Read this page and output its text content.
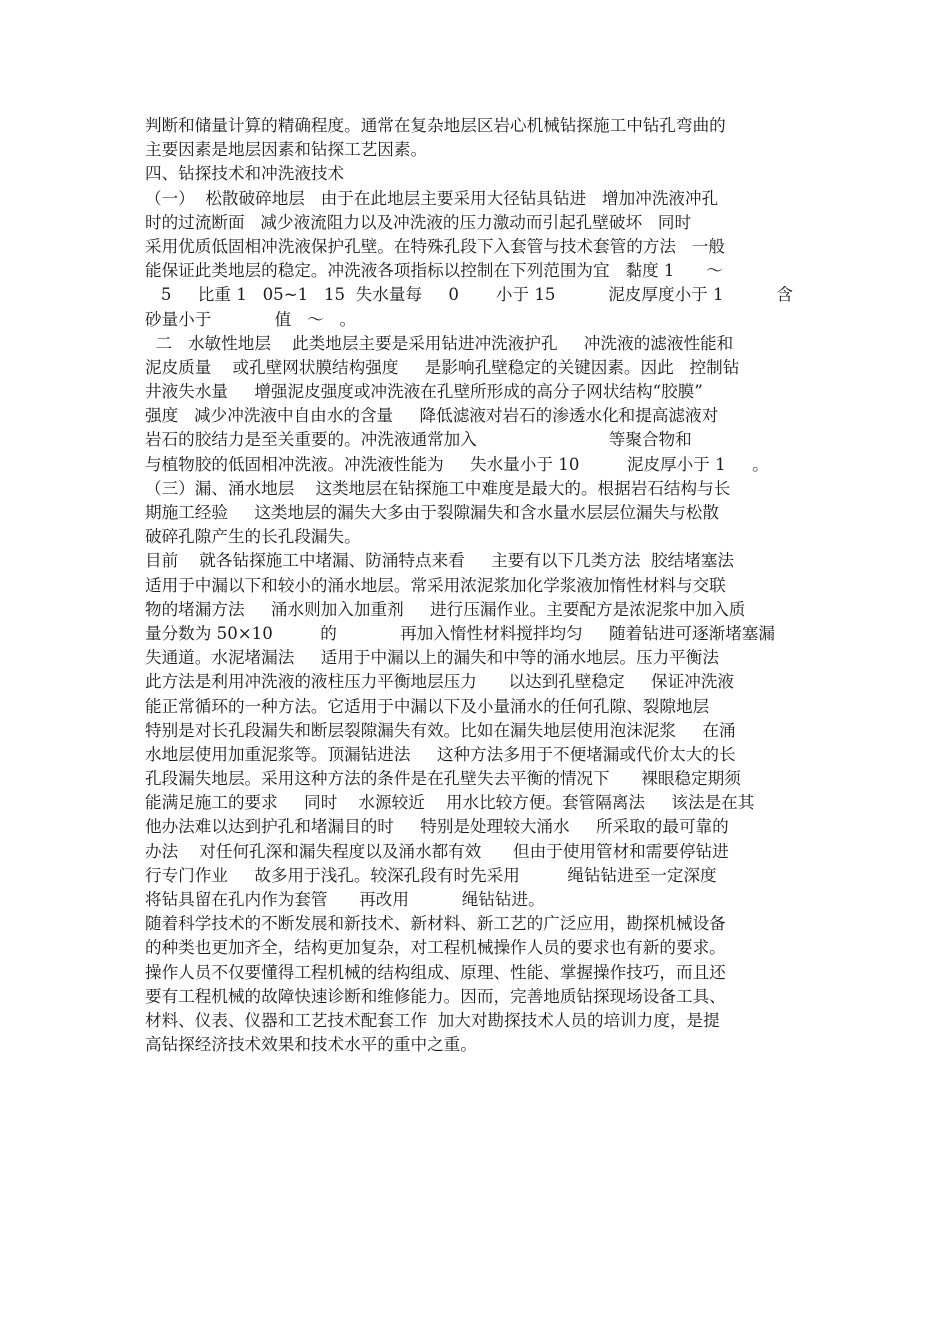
判断和储量计算的精确程度。通常在复杂地层区岩心机械钻探施工中钻孔弯曲的
主要因素是地层因素和钻探工艺因素。
四、钻探技术和冲洗液技术
（一）  松散破碎地层   由于在此地层主要采用大径钻具钻进   增加冲洗液冲孔
时的过流断面   减少液流阻力以及冲洗液的压力激动而引起孔壁破坏   同时
采用优质低固相冲洗液保护孔壁。在特殊孔段下入套管与技术套管的方法   一般
能保证此类地层的稳定。冲洗液各项指标以控制在下列范围为宜   黏度 1      ～
5     比重 1   05~1   15  失水量每     0       小于 15          泥皮厚度小于 1          含
砂量小于            值   ～   。
二   水敏性地层    此类地层主要是采用钻进冲洗液护孔     冲洗液的滤液性能和
泥皮质量    或孔壁网状膜结构强度     是影响孔壁稳定的关键因素。因此   控制钻
井液失水量     增强泥皮强度或冲洗液在孔壁所形成的高分子网状结构“胶膜”
强度   减少冲洗液中自由水的含量     降低滤液对岩石的渗透水化和提高滤液对
岩石的胶结力是至关重要的。冲洗液通常加入                         等聚合物和
与植物胶的低固相冲洗液。冲洗液性能为     失水量小于 10         泥皮厚小于 1     。
（三）漏、涌水地层    这类地层在钻探施工中难度是最大的。根据岩石结构与长
期施工经验     这类地层的漏失大多由于裂隙漏失和含水量水层层位漏失与松散
破碎孔隙产生的长孔段漏失。
目前    就各钻探施工中堵漏、防涌特点来看     主要有以下几类方法  胶结堵塞法
适用于中漏以下和较小的涌水地层。常采用浓泥浆加化学浆液加惰性材料与交联
物的堵漏方法     涌水则加入加重剂     进行压漏作业。主要配方是浓泥浆中加入质
量分数为 50×10         的            再加入惰性材料搅拌均匀     随着钻进可逐渐堵塞漏
失通道。水泥堵漏法     适用于中漏以上的漏失和中等的涌水地层。压力平衡法
此方法是利用冲洗液的液柱压力平衡地层压力      以达到孔壁稳定     保证冲洗液
能正常循环的一种方法。它适用于中漏以下及小量涌水的任何孔隙、裂隙地层
特别是对长孔段漏失和断层裂隙漏失有效。比如在漏失地层使用泡沫泥浆     在涌
水地层使用加重泥浆等。顶漏钻进法     这种方法多用于不便堵漏或代价太大的长
孔段漏失地层。采用这种方法的条件是在孔壁失去平衡的情况下      裸眼稳定期须
能满足施工的要求     同时    水源较近    用水比较方便。套管隔离法     该法是在其
他办法难以达到护孔和堵漏目的时     特别是处理较大涌水     所采取的最可靠的
办法    对任何孔深和漏失程度以及涌水都有效      但由于使用管材和需要停钻进
行专门作业     故多用于浅孔。较深孔段有时先采用         绳钻钻进至一定深度
将钻具留在孔内作为套管      再改用          绳钻钻进。
随着科学技术的不断发展和新技术、新材料、新工艺的广泛应用，勘探机械设备
的种类也更加齐全，结构更加复杂，对工程机械操作人员的要求也有新的要求。
操作人员不仅要懂得工程机械的结构组成、原理、性能、掌握操作技巧，而且还
要有工程机械的故障快速诊断和维修能力。因而，完善地质钻探现场设备工具、
材料、仪表、仪器和工艺技术配套工作  加大对勘探技术人员的培训力度，是提
高钻探经济技术效果和技术水平的重中之重。
